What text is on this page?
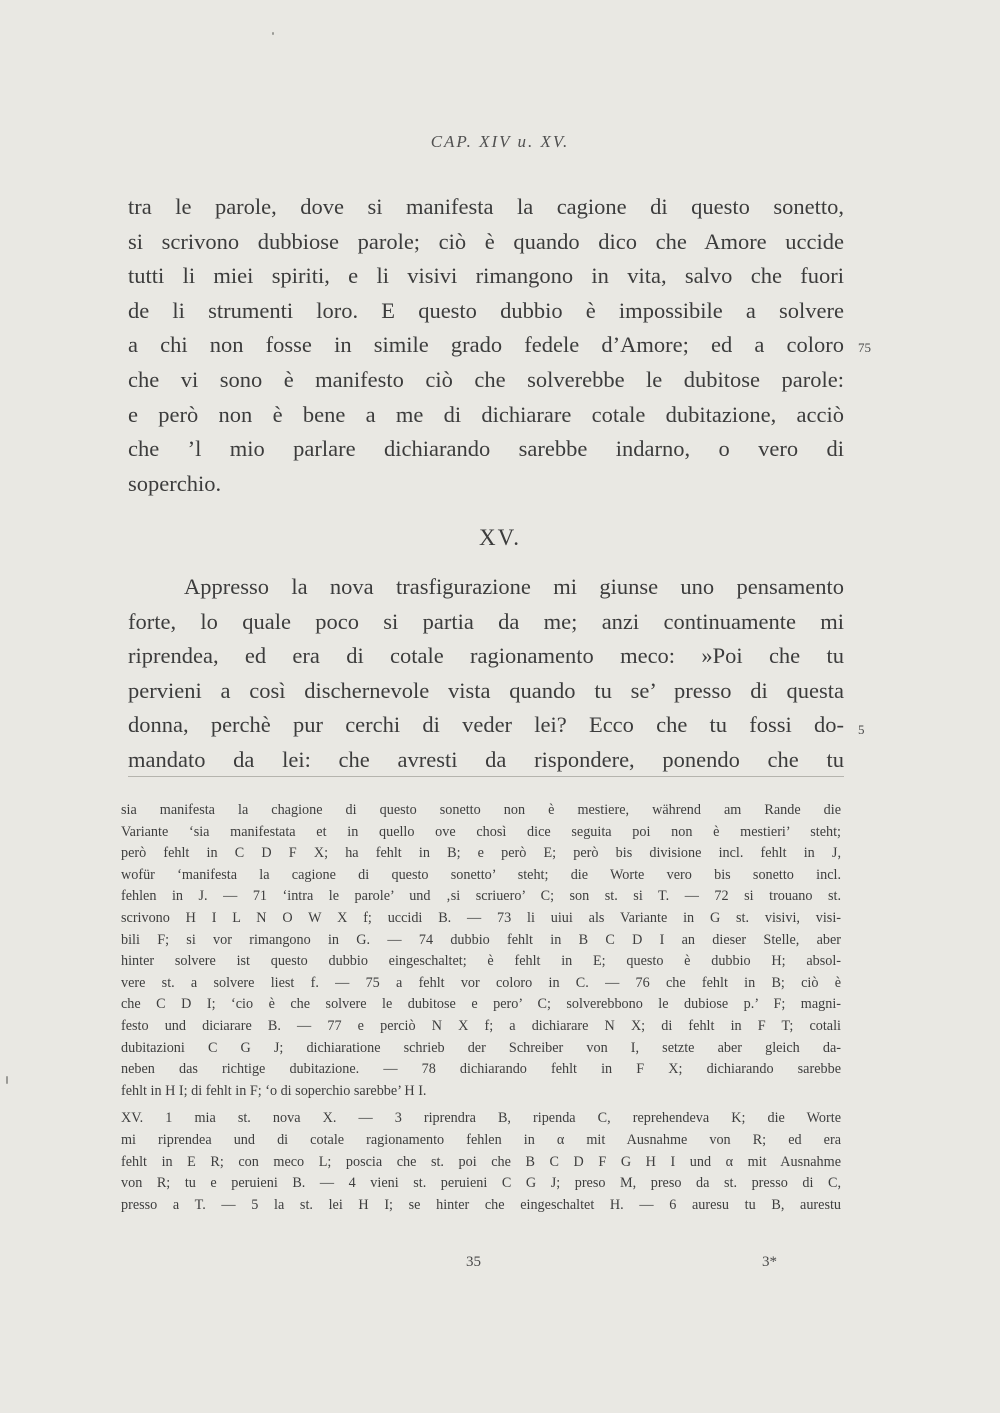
CAP. XIV u. XV.
tra le parole, dove si manifesta la cagione di questo sonetto,
si scrivono dubbiose parole; ciò è quando dico che Amore uccide
tutti li miei spiriti, e li visivi rimangono in vita, salvo che fuori
de li strumenti loro. E questo dubbio è impossibile a solvere
a chi non fosse in simile grado fedele d’Amore; ed a coloro
che vi sono è manifesto ciò che solverebbe le dubitose parole:
e però non è bene a me di dichiarare cotale dubitazione, acciò
che ’l mio parlare dichiarando sarebbe indarno, o vero di
soperchio.
75
XV.
Appresso la nova trasfigurazione mi giunse uno pensamento
forte, lo quale poco si partia da me; anzi continuamente mi
riprendea, ed era di cotale ragionamento meco: »Poi che tu
pervieni a così dischernevole vista quando tu se’ presso di questa
donna, perchè pur cerchi di veder lei? Ecco che tu fossi do-
mandato da lei: che avresti da rispondere, ponendo che tu
5
sia manifesta la chagione di questo sonetto non è mestiere, während am Rande die
Variante ‘sia manifestata et in quello ove chosì dice seguita poi non è mestieri’ steht;
però fehlt in C D F X; ha fehlt in B; e però E; però bis divisione incl. fehlt in J,
wofür ‘manifesta la cagione di questo sonetto’ steht; die Worte vero bis sonetto incl.
fehlen in J. — 71 ‘intra le parole’ und ‚si scriuero’ C; son st. si T. — 72 si trouano st.
scrivono H I L N O W X f; uccidi B. — 73 li uiui als Variante in G st. visivi, visi-
bili F; si vor rimangono in G. — 74 dubbio fehlt in B C D I an dieser Stelle, aber
hinter solvere ist questo dubbio eingeschaltet; è fehlt in E; questo è dubbio H; absol-
vere st. a solvere liest f. — 75 a fehlt vor coloro in C. — 76 che fehlt in B; ciò è
che C D I; ‘cio è che solvere le dubitose e pero’ C; solverebbono le dubiose p.’ F; magni-
festo und diciarare B. — 77 e perciò N X f; a dichiarare N X; di fehlt in F T; cotali
dubitazioni C G J; dichiaratione schrieb der Schreiber von I, setzte aber gleich da-
neben das richtige dubitazione. — 78 dichiarando fehlt in F X; dichiarando sarebbe
fehlt in H I; di fehlt in F; ‘o di soperchio sarebbe’ H I.
XV. 1 mia st. nova X. — 3 riprendra B, ripenda C, reprehendeva K; die Worte
mi riprendea und di cotale ragionamento fehlen in α mit Ausnahme von R; ed era
fehlt in E R; con meco L; poscia che st. poi che B C D F G H I und α mit Ausnahme
von R; tu e peruieni B. — 4 vieni st. peruieni C G J; preso M, preso da st. presso di C,
presso a T. — 5 la st. lei H I; se hinter che eingeschaltet H. — 6 auresu tu B, aurestu
35	3*
